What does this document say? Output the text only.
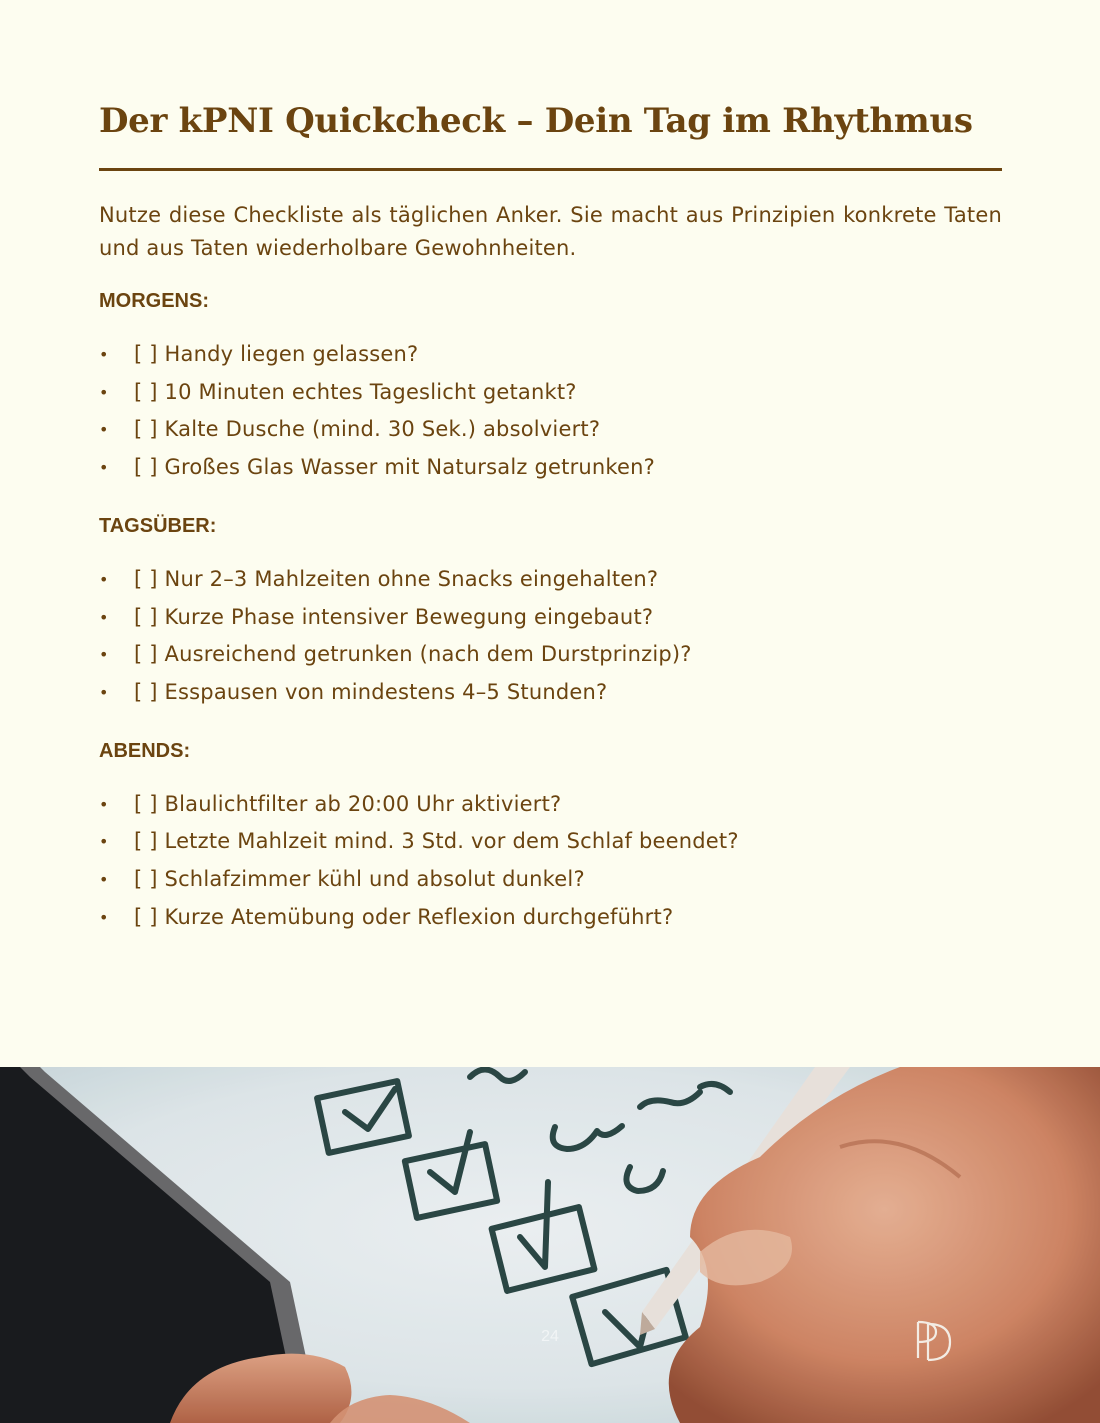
Der kPNI Quickcheck – Dein Tag im Rhythmus

Nutze diese Checkliste als täglichen Anker. Sie macht aus Prinzipien konkrete Taten und aus Taten wiederholbare Gewohnheiten.

MORGENS:
• [ ] Handy liegen gelassen?
• [ ] 10 Minuten echtes Tageslicht getankt?
• [ ] Kalte Dusche (mind. 30 Sek.) absolviert?
• [ ] Großes Glas Wasser mit Natursalz getrunken?
TAGSÜBER:
• [ ] Nur 2–3 Mahlzeiten ohne Snacks eingehalten?
• [ ] Kurze Phase intensiver Bewegung eingebaut?
• [ ] Ausreichend getrunken (nach dem Durstprinzip)?
• [ ] Esspausen von mindestens 4–5 Stunden?
ABENDS:
• [ ] Blaulichtfilter ab 20:00 Uhr aktiviert?
• [ ] Letzte Mahlzeit mind. 3 Std. vor dem Schlaf beendet?
• [ ] Schlafzimmer kühl und absolut dunkel?
• [ ] Kurze Atemübung oder Reflexion durchgeführt?
24
